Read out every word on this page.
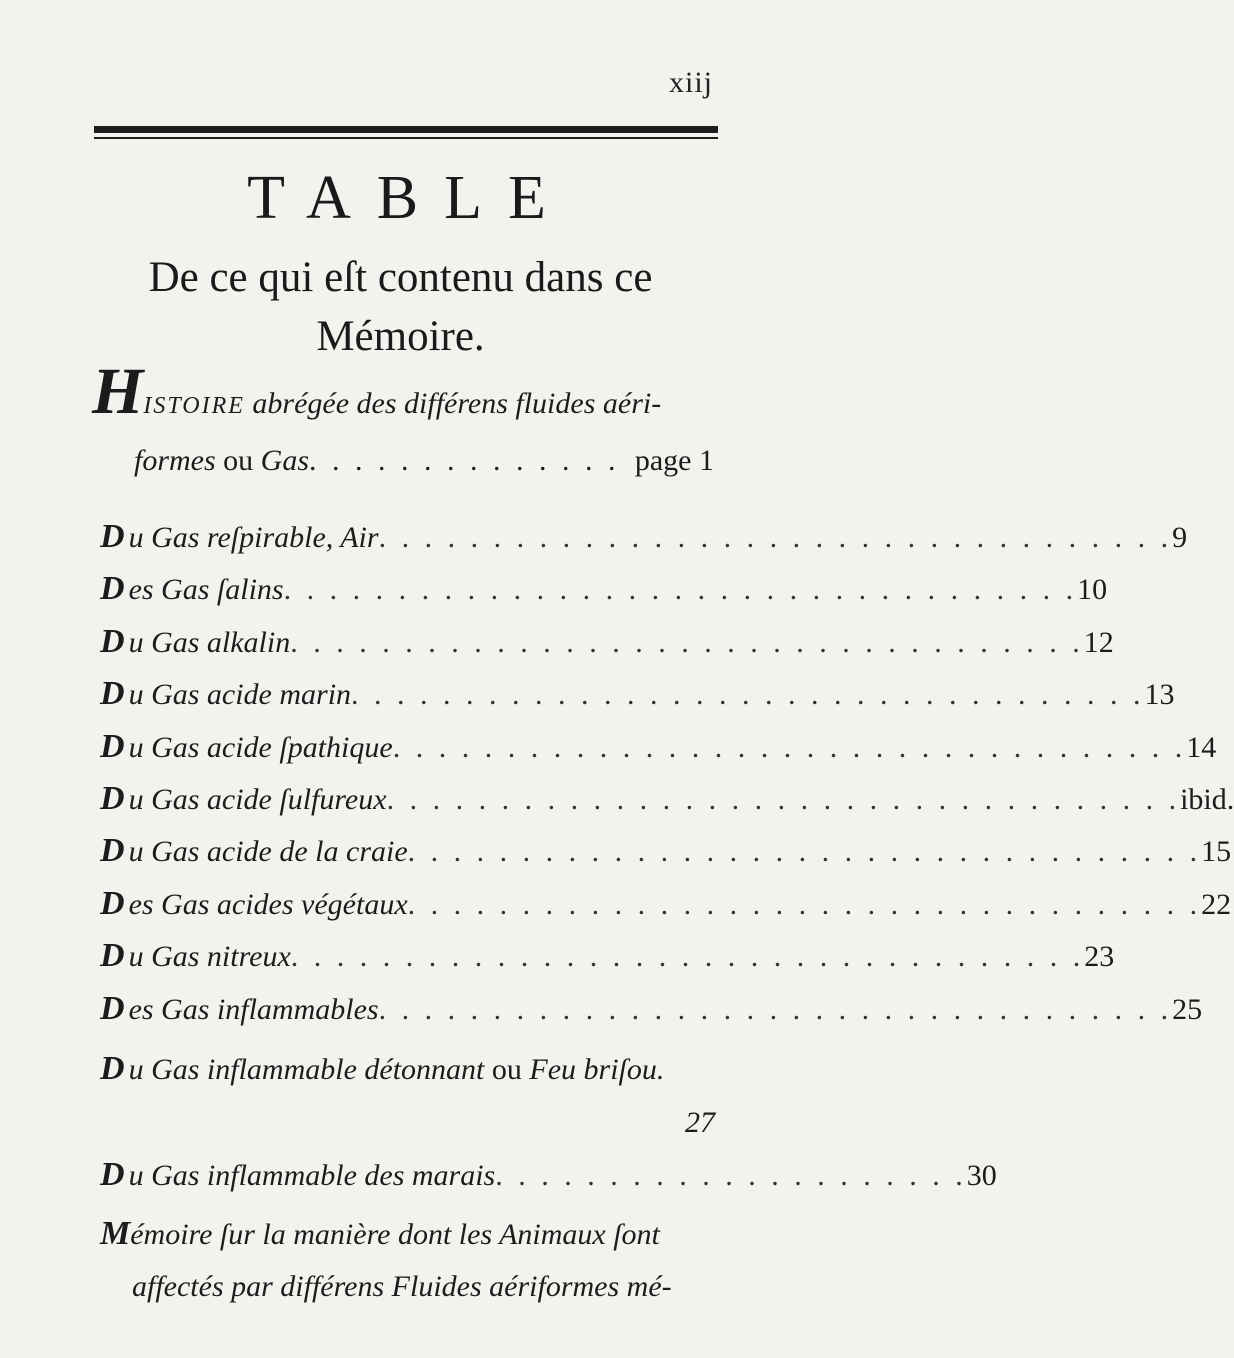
xiij
TABLE
De ce qui eſt contenu dans ce
Mémoire.
HISTOIRE abrégée des différens fluides aéri-
formes
ou
Gas . . . . . . . . . . . . . . page 1
D u Gas reſpirable, Air . . . . . . . . . . . . . . . . . . . . . . . . . . . . . . . . . . . 9
D es Gas ſalins . . . . . . . . . . . . . . . . . . . . . . . . . . . . . . . . . . . 10
D u Gas alkalin . . . . . . . . . . . . . . . . . . . . . . . . . . . . . . . . . . . 12
D u Gas acide marin . . . . . . . . . . . . . . . . . . . . . . . . . . . . . . . . . . . 13
D u Gas acide ſpathique . . . . . . . . . . . . . . . . . . . . . . . . . . . . . . . . . . . 14
D u Gas acide ſulfureux . . . . . . . . . . . . . . . . . . . . . . . . . . . . . . . . . . . ibid.
D u Gas acide de la craie . . . . . . . . . . . . . . . . . . . . . . . . . . . . . . . . . . . 15
D es Gas acides végétaux . . . . . . . . . . . . . . . . . . . . . . . . . . . . . . . . . . . 22
D u Gas nitreux . . . . . . . . . . . . . . . . . . . . . . . . . . . . . . . . . . . 23
D es Gas inflammables . . . . . . . . . . . . . . . . . . . . . . . . . . . . . . . . . . . 25
D u Gas inflammable détonnant ou Feu briſou.
27
D u Gas inflammable des marais . . . . . . . . . . . . . . . . . . . . . 30
Mémoire ſur la manière dont les Animaux ſont
affectés par différens Fluides aériformes mé-
